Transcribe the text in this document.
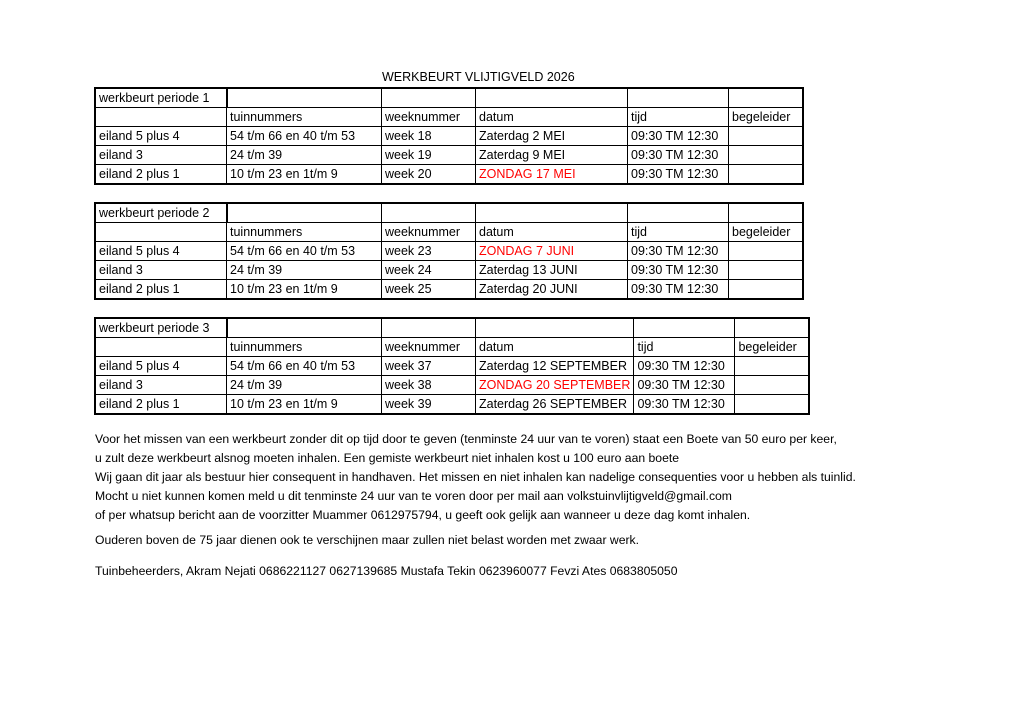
WERKBEURT VLIJTIGVELD 2026
werkbeurt periode 1					
	tuinnummers	weeknummer	datum	tijd	begeleider
eiland 5 plus 4	54 t/m 66 en 40 t/m 53	week 18	Zaterdag 2 MEI	09:30 TM 12:30	
eiland 3	24 t/m 39	week 19	Zaterdag 9 MEI	09:30 TM 12:30	
eiland 2 plus 1	10 t/m 23 en 1t/m 9	week 20	ZONDAG 17 MEI	09:30 TM 12:30	
werkbeurt periode 2					
	tuinnummers	weeknummer	datum	tijd	begeleider
eiland 5 plus 4	54 t/m 66 en 40 t/m 53	week 23	ZONDAG 7 JUNI	09:30 TM 12:30	
eiland 3	24 t/m 39	week 24	Zaterdag 13 JUNI	09:30 TM 12:30	
eiland 2 plus 1	10 t/m 23 en 1t/m 9	week 25	Zaterdag 20 JUNI	09:30 TM 12:30	
werkbeurt periode 3					
	tuinnummers	weeknummer	datum	tijd	begeleider
eiland 5 plus 4	54 t/m 66 en 40 t/m 53	week 37	Zaterdag 12 SEPTEMBER	09:30 TM 12:30	
eiland 3	24 t/m 39	week 38	ZONDAG 20 SEPTEMBER	09:30 TM 12:30	
eiland 2 plus 1	10 t/m 23 en 1t/m 9	week 39	Zaterdag 26 SEPTEMBER	09:30 TM 12:30	
Voor het missen van een werkbeurt zonder dit op tijd door te geven (tenminste 24 uur van te voren) staat een Boete van 50 euro per keer,
u zult deze werkbeurt alsnog moeten inhalen. Een gemiste werkbeurt niet inhalen kost u 100 euro aan boete
Wij gaan dit jaar als bestuur hier consequent in handhaven. Het missen en niet inhalen kan nadelige consequenties voor u hebben als tuinlid.
Mocht u niet kunnen komen meld u dit tenminste 24 uur van te voren door per mail aan volkstuinvlijtigveld@gmail.com
of per whatsup bericht aan de voorzitter Muammer 0612975794, u geeft ook gelijk aan wanneer u deze dag komt inhalen.
Ouderen boven de 75 jaar dienen ook te verschijnen maar zullen niet belast worden met zwaar werk.
Tuinbeheerders, Akram Nejati 0686221127 0627139685 Mustafa Tekin 0623960077 Fevzi Ates 0683805050
